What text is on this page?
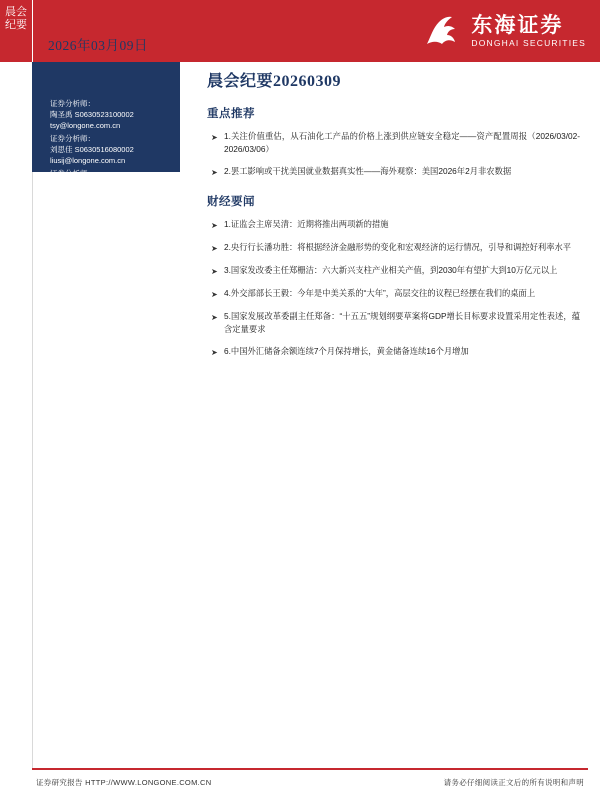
东海证券
DONGHAI SECURITIES
晨会纪要
2026年03月09日
证券分析师：
陶圣禹 S0630523100002
tsy@longone.com.cn
证券分析师：
刘思佳 S0630516080002
liusij@longone.com.cn
证券分析师：
王洋 S0630513040002
wangyang@longone.com.cn
晨会纪要20260309
重点推荐
➤ 1.关注价值重估，从石油化工产品的价格上涨到供应链安全稳定——资产配置周报（2026/03/02-2026/03/06）
➤ 2.罢工影响或干扰美国就业数据真实性——海外观察：美国2026年2月非农数据
财经要闻
➤ 1.证监会主席吴清：近期将推出两项新的措施
➤ 2.央行行长潘功胜：将根据经济金融形势的变化和宏观经济的运行情况，引导和调控好利率水平
➤ 3.国家发改委主任郑栅洁：六大新兴支柱产业相关产值，到2030年有望扩大到10万亿元以上
➤ 4.外交部部长王毅：今年是中美关系的“大年”，高层交往的议程已经摆在我们的桌面上
➤ 5.国家发展改革委副主任郑备：“十五五”规划纲要草案将GDP增长目标要求设置采用定性表述，蕴含定量要求
➤ 6.中国外汇储备余额连续7个月保持增长，黄金储备连续16个月增加
证券研究报告 HTTP://WWW.LONGONE.COM.CN	请务必仔细阅读正文后的所有说明和声明
